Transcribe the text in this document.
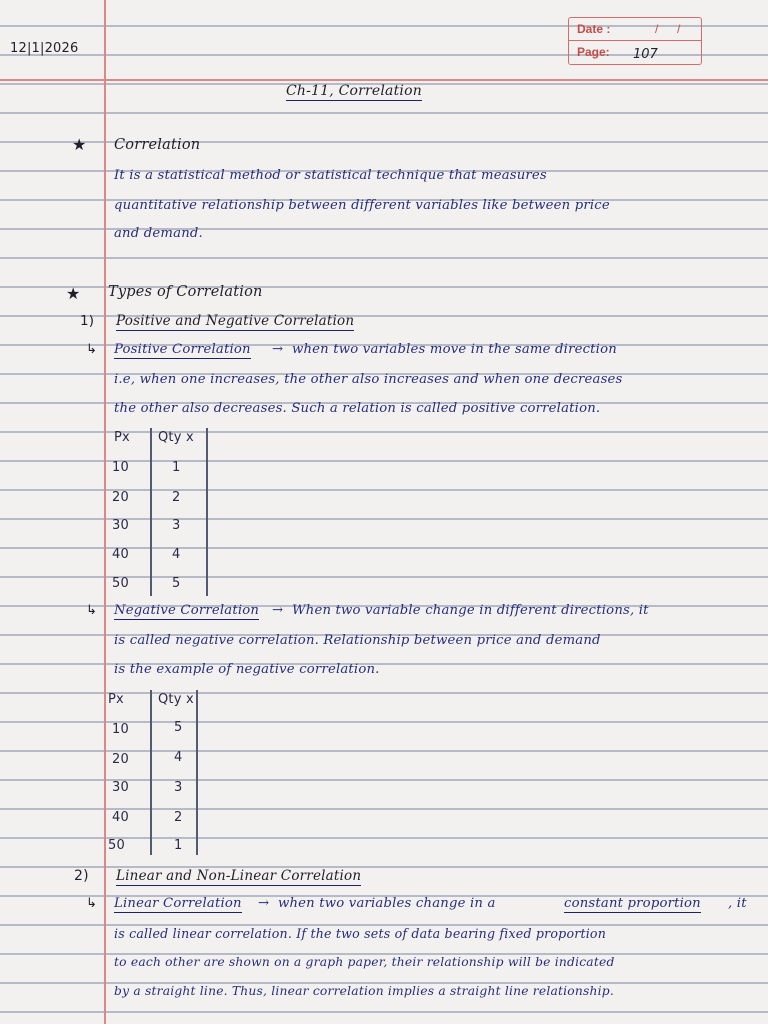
12|1|2026
Date :	/ /
Page: 107
Ch-11, Correlation
★ Correlation
It is a statistical method or statistical technique that measures
quantitative relationship between different variables like between price
and demand.
★ Types of Correlation
1) Positive and Negative Correlation
↳ Positive Correlation → when two variables move in the same direction
i.e, when one increases, the other also increases and when one decreases
the other also decreases. Such a relation is called positive correlation.
Px Qty x
10	1
20	2
30	3
40	4
50	5
↳ Negative Correlation → When two variable change in different directions, it
is called negative correlation. Relationship between price and demand
is the example of negative correlation.
Px	Qty x
10	5
20	4
30	3
40	2
50	1
2) Linear and Non-Linear Correlation
↳ Linear Correlation → when two variables change in a	constant proportion , it
is called linear correlation. If the two sets of data bearing fixed proportion
to each other are shown on a graph paper, their relationship will be indicated
by a straight line. Thus, linear correlation implies a straight line relationship.
